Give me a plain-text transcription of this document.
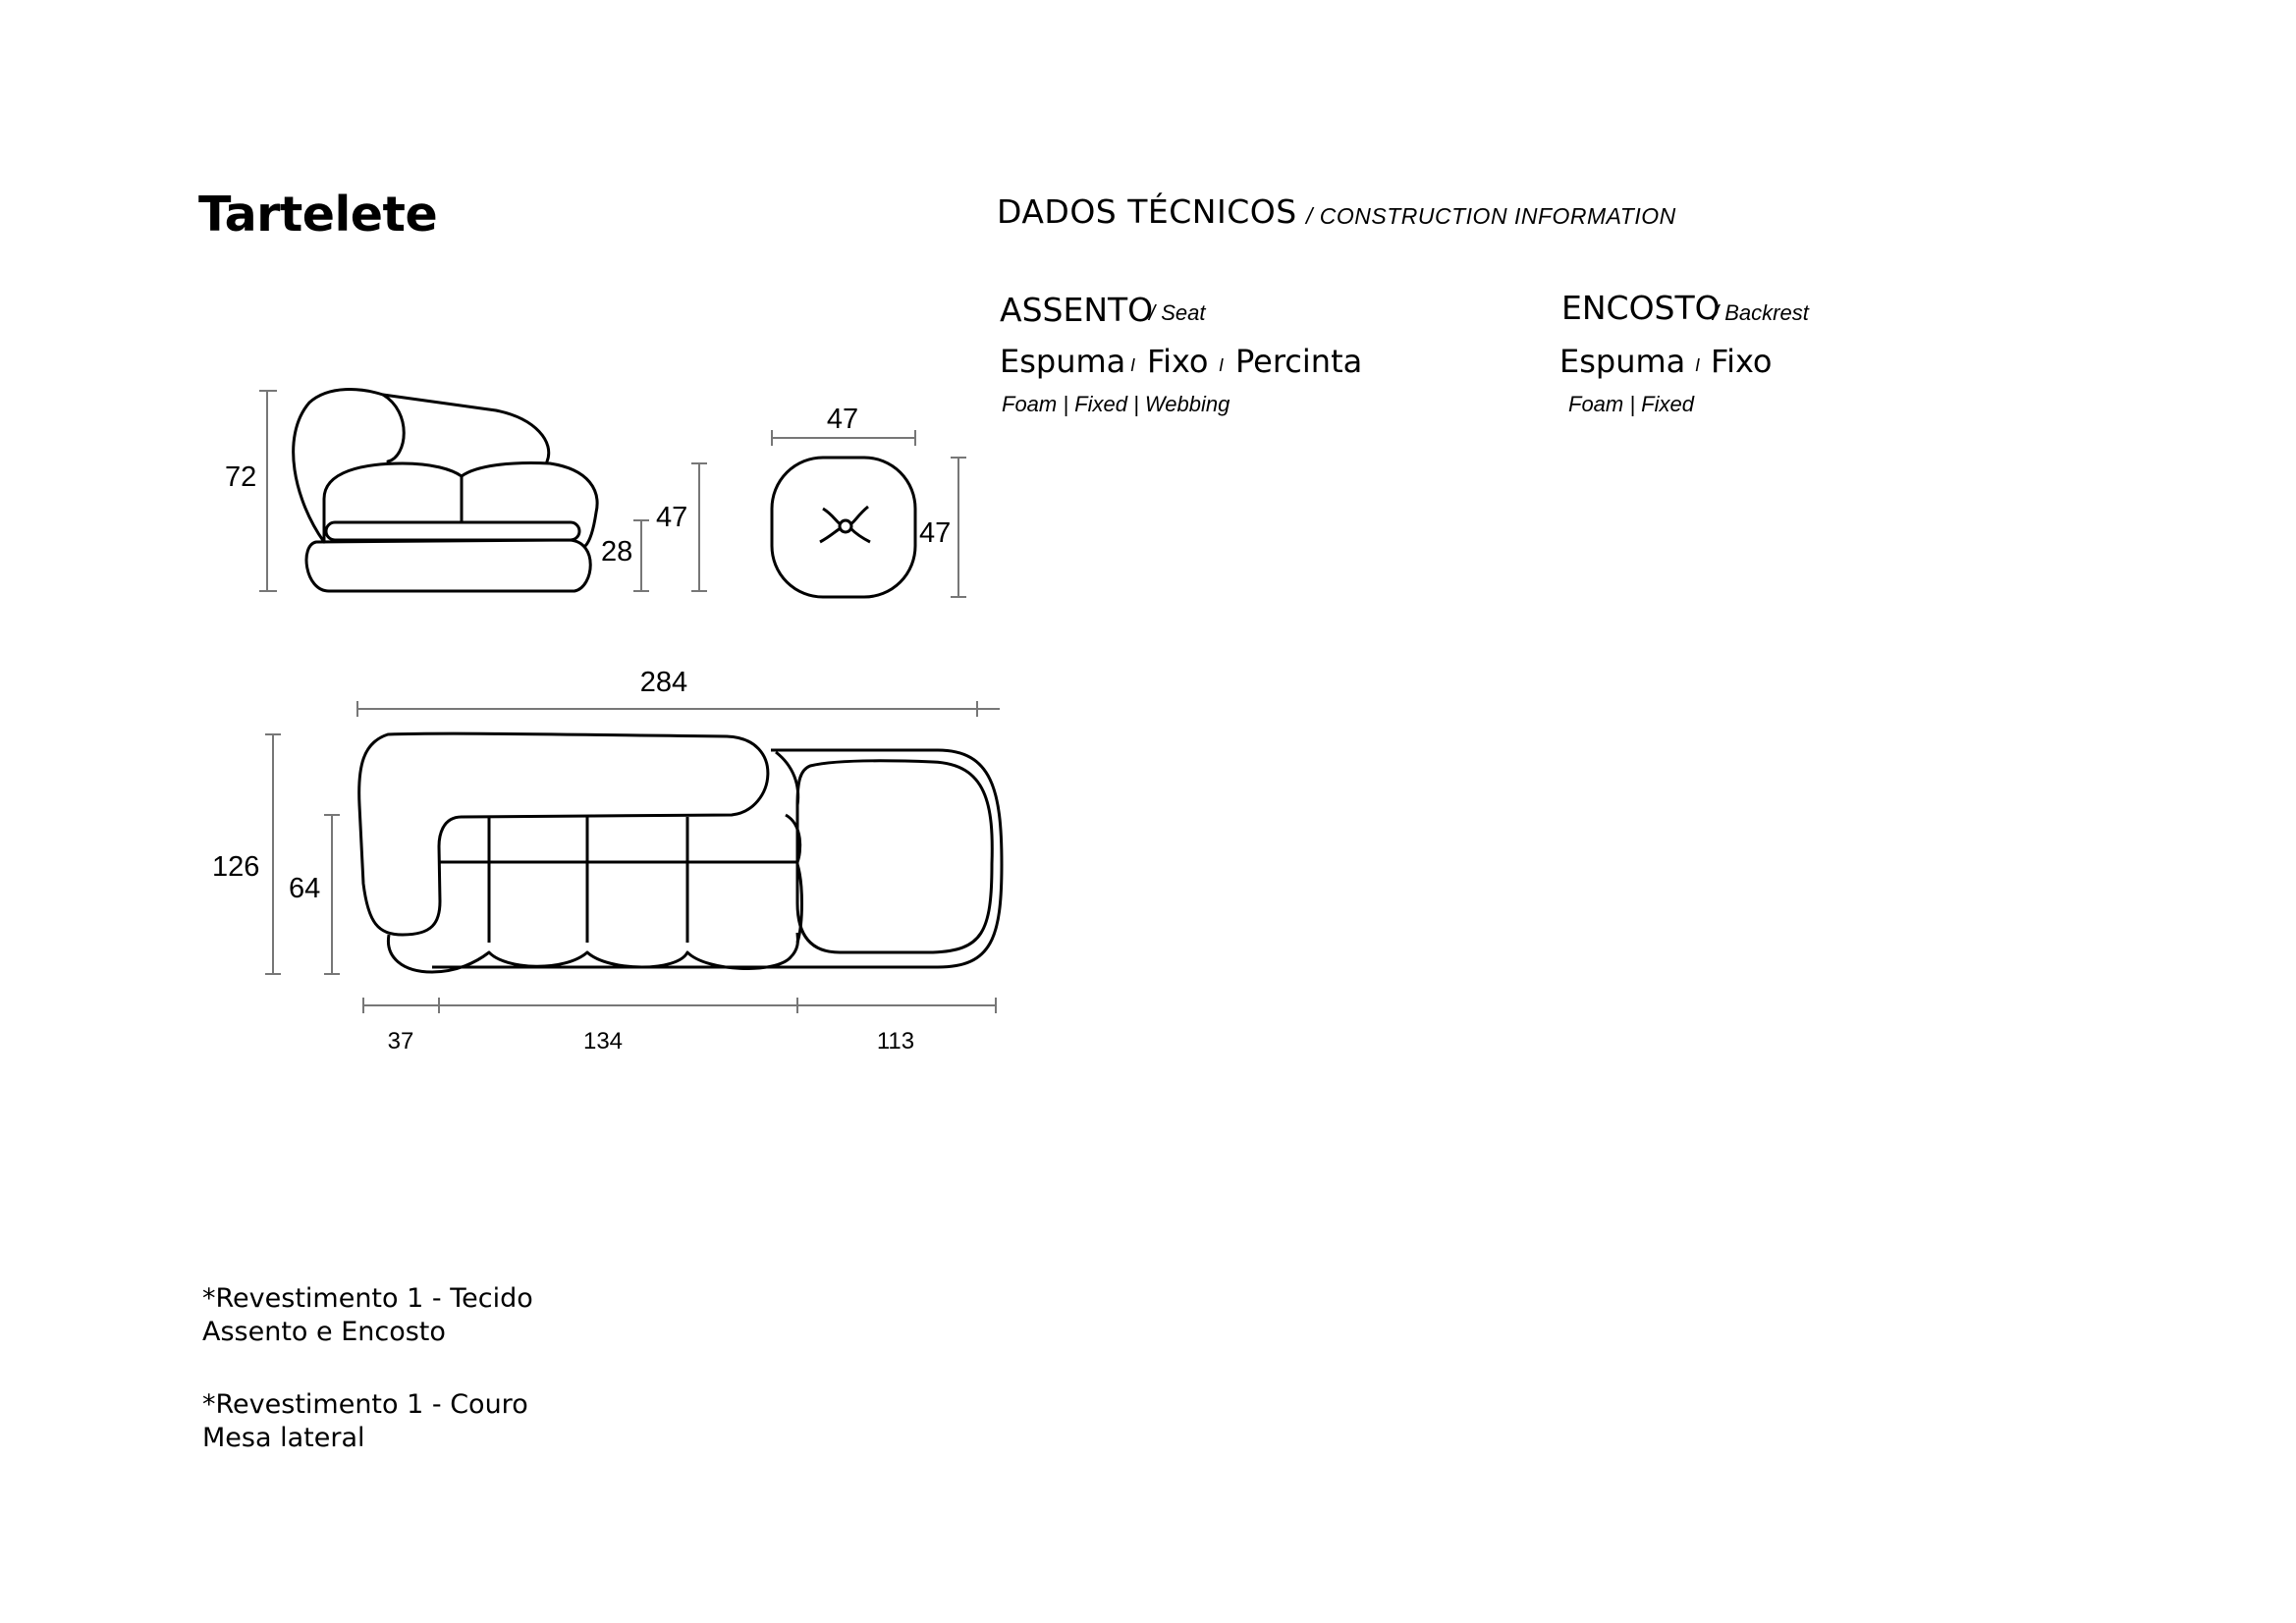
Tartelete	DADOS TÉCNICOS / CONSTRUCTION INFORMATION
ASSENTO
/ Seat
Espuma I Fixo I Percinta
Foam | Fixed | Webbing
ENCOSTO
/ Backrest
Espuma I Fixo
Foam | Fixed
72
28
47
47
47
284
126
64
37	134	113
*Revestimento 1 - Tecido
Assento e Encosto
*Revestimento 1 - Couro
Mesa lateral
